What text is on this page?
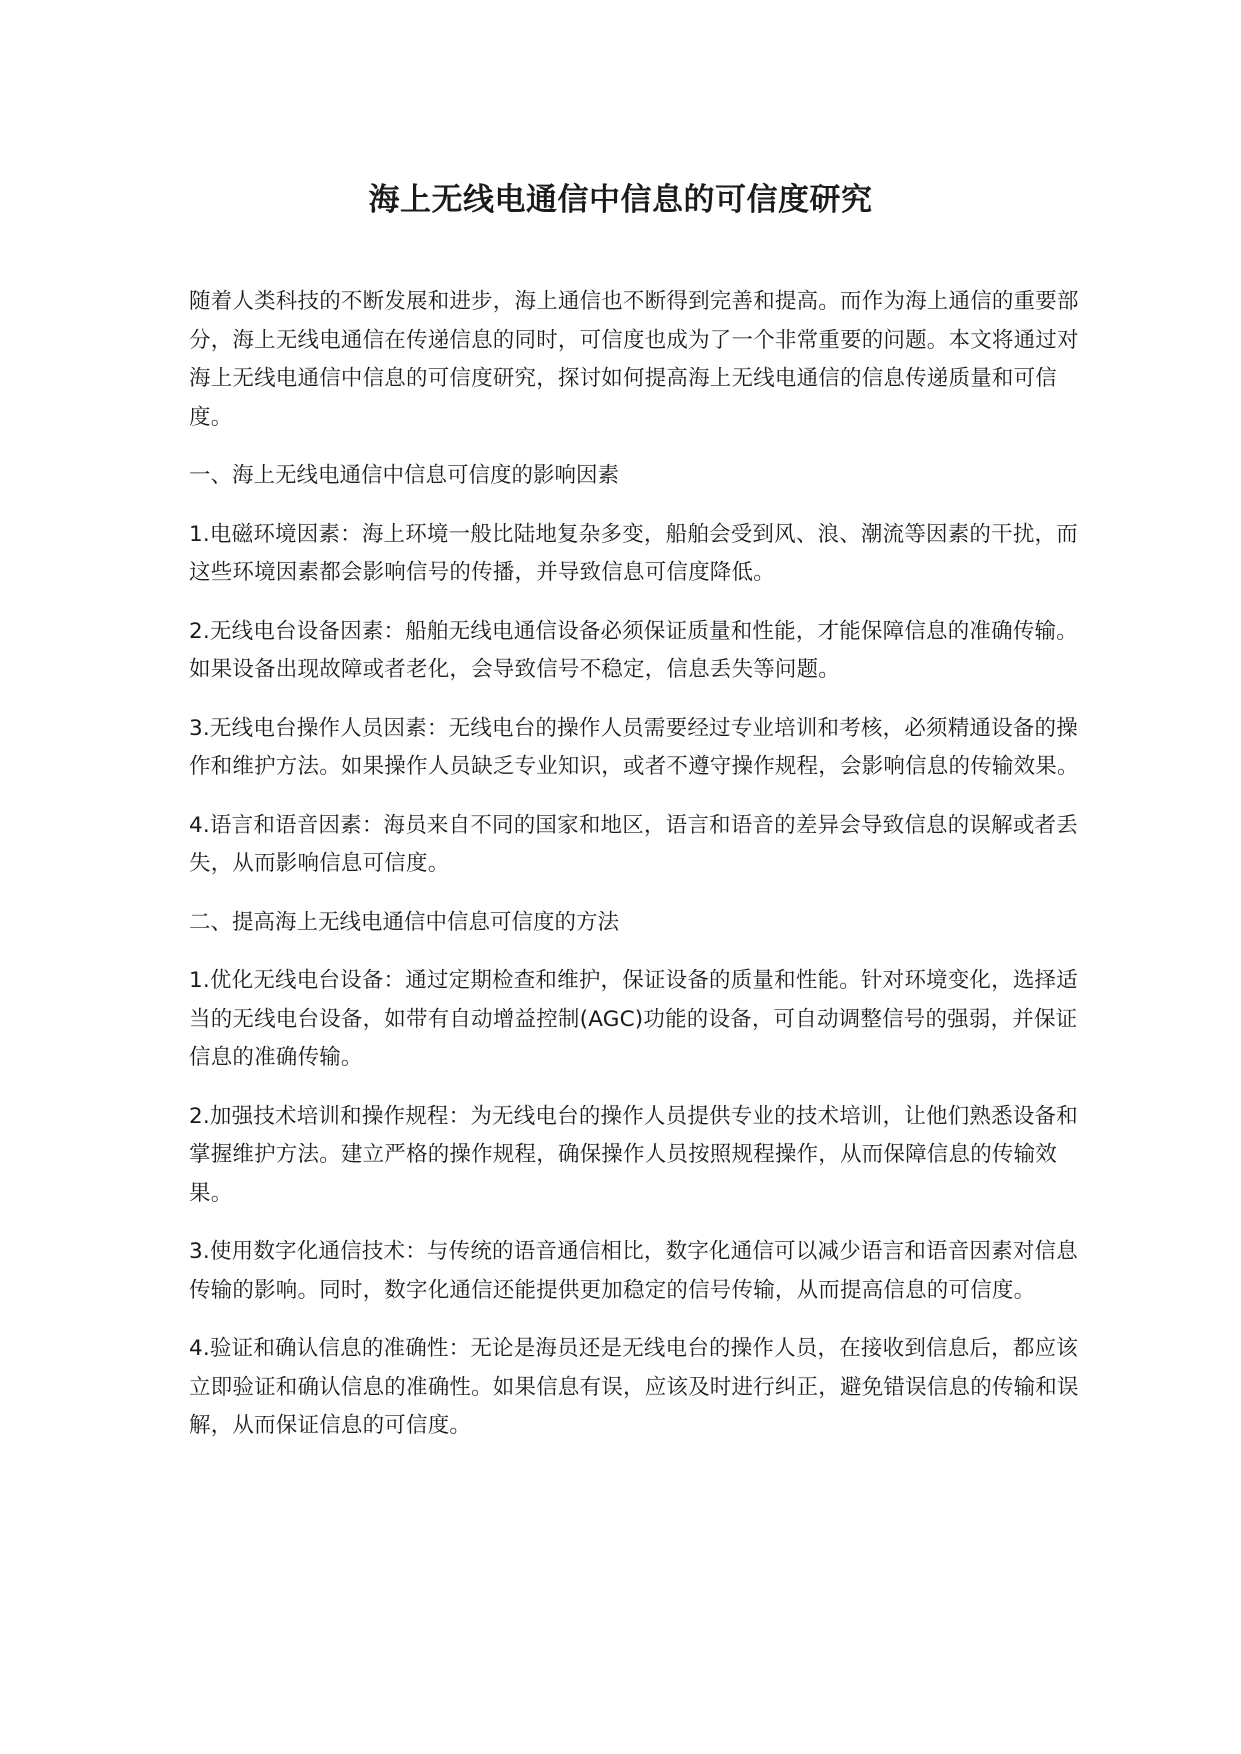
海上无线电通信中信息的可信度研究

随着人类科技的不断发展和进步，海上通信也不断得到完善和提高。而作为海上通信的重要部分，海上无线电通信在传递信息的同时，可信度也成为了一个非常重要的问题。本文将通过对海上无线电通信中信息的可信度研究，探讨如何提高海上无线电通信的信息传递质量和可信度。

一、海上无线电通信中信息可信度的影响因素

1.电磁环境因素：海上环境一般比陆地复杂多变，船舶会受到风、浪、潮流等因素的干扰，而这些环境因素都会影响信号的传播，并导致信息可信度降低。

2.无线电台设备因素：船舶无线电通信设备必须保证质量和性能，才能保障信息的准确传输。如果设备出现故障或者老化，会导致信号不稳定，信息丢失等问题。

3.无线电台操作人员因素：无线电台的操作人员需要经过专业培训和考核，必须精通设备的操作和维护方法。如果操作人员缺乏专业知识，或者不遵守操作规程，会影响信息的传输效果。

4.语言和语音因素：海员来自不同的国家和地区，语言和语音的差异会导致信息的误解或者丢失，从而影响信息可信度。

二、提高海上无线电通信中信息可信度的方法

1.优化无线电台设备：通过定期检查和维护，保证设备的质量和性能。针对环境变化，选择适当的无线电台设备，如带有自动增益控制(AGC)功能的设备，可自动调整信号的强弱，并保证信息的准确传输。

2.加强技术培训和操作规程：为无线电台的操作人员提供专业的技术培训，让他们熟悉设备和掌握维护方法。建立严格的操作规程，确保操作人员按照规程操作，从而保障信息的传输效果。

3.使用数字化通信技术：与传统的语音通信相比，数字化通信可以减少语言和语音因素对信息传输的影响。同时，数字化通信还能提供更加稳定的信号传输，从而提高信息的可信度。

4.验证和确认信息的准确性：无论是海员还是无线电台的操作人员，在接收到信息后，都应该立即验证和确认信息的准确性。如果信息有误，应该及时进行纠正，避免错误信息的传输和误解，从而保证信息的可信度。
